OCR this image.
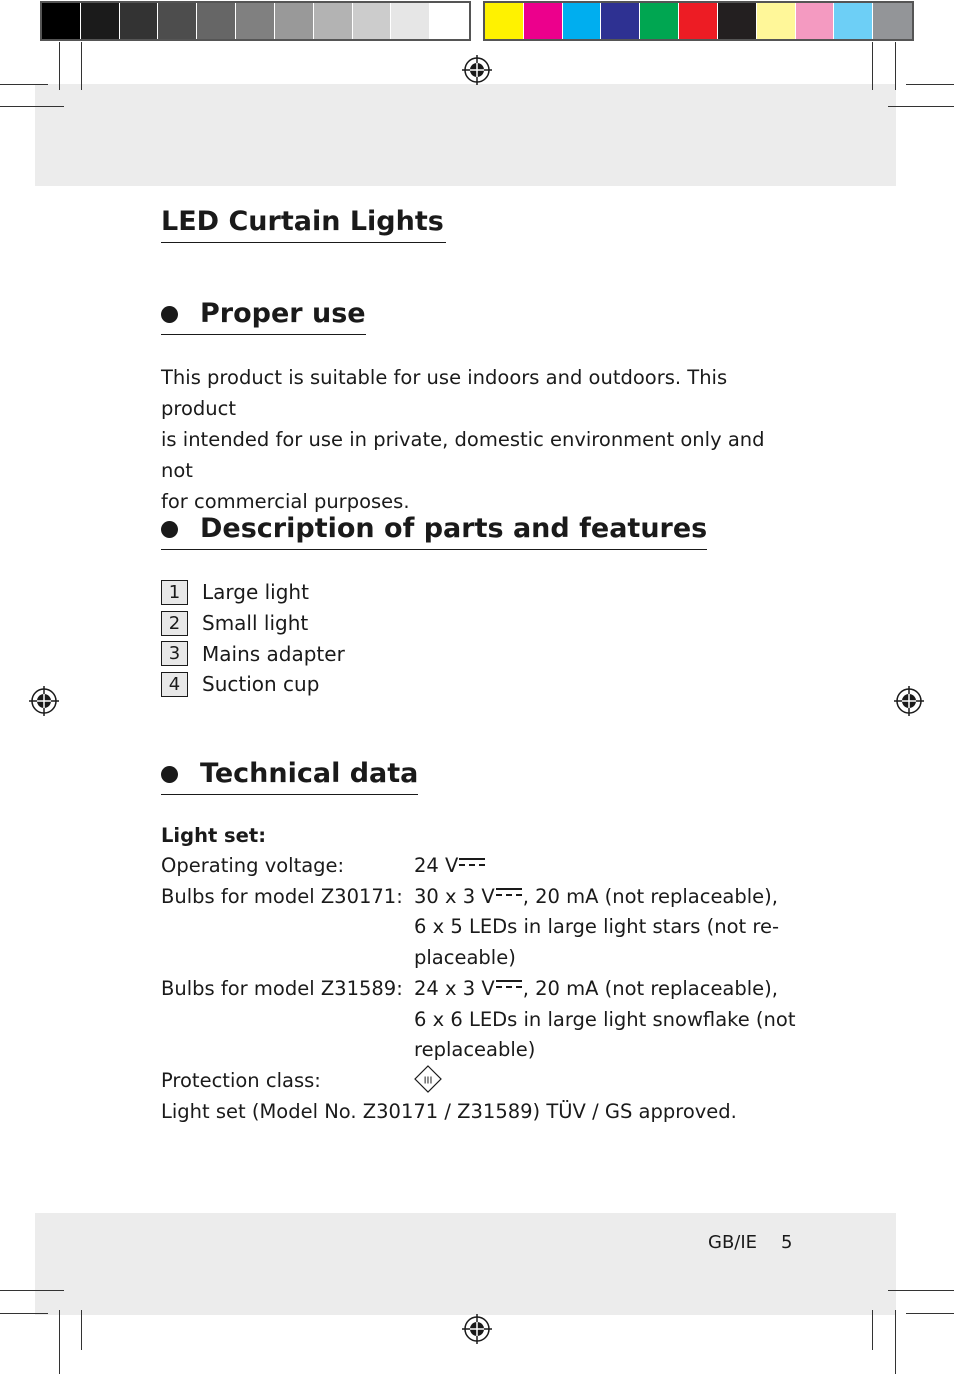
LED Curtain Lights
Proper use
This product is suitable for use indoors and outdoors. This product
is intended for use in private, domestic environment only and not
for commercial purposes.
Description of parts and features
1	Large light
2	Small light
3	Mains adapter
4	Suction cup
Technical data
Light set:
Operating voltage:	24 V
Bulbs for model Z30171: 30 x 3 V , 20 mA (not replaceable),
6 x 5 LEDs in large light stars (not re-
placeable)
Bulbs for model Z31589: 24 x 3 V , 20 mA (not replaceable),
6 x 6 LEDs in large light snowflake (not
replaceable)
Protection class:	III
Light set (Model No. Z30171 / Z31589) TÜV / GS approved.
GB/IE 5
